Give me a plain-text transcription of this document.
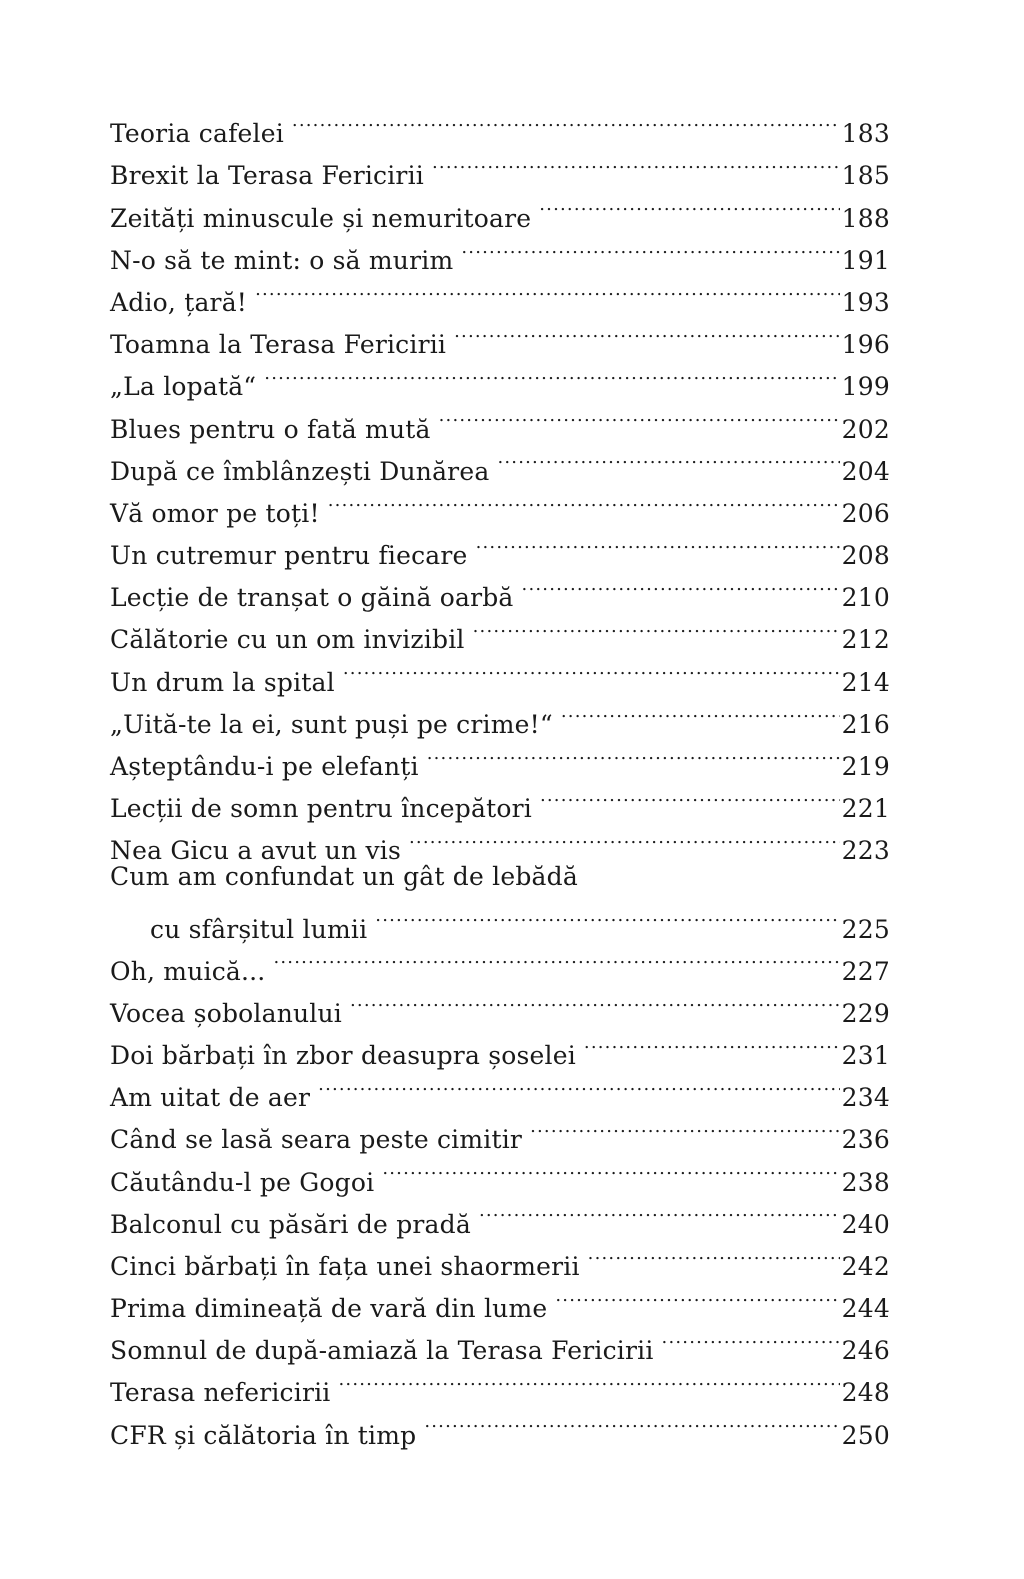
Teoria cafelei .....	183
Brexit la Terasa Fericirii .....	185
Zeități minuscule și nemuritoare .....	188
N-o să te mint: o să murim .....	191
Adio, țară! .....	193
Toamna la Terasa Fericirii .....	196
„La lopată“ .....	199
Blues pentru o fată mută .....	202
După ce îmblânzești Dunărea .....	204
Vă omor pe toți! .....	206
Un cutremur pentru fiecare .....	208
Lecție de tranșat o găină oarbă .....	210
Călătorie cu un om invizibil .....	212
Un drum la spital .....	214
„Uită-te la ei, sunt puși pe crime!“ .....	216
Așteptându-i pe elefanți .....	219
Lecții de somn pentru începători .....	221
Nea Gicu a avut un vis .....	223
Cum am confundat un gât de lebădă
cu sfârșitul lumii .....	225
Oh, muică... .....	227
Vocea șobolanului .....	229
Doi bărbați în zbor deasupra șoselei .....	231
Am uitat de aer .....	234
Când se lasă seara peste cimitir .....	236
Căutându-l pe Gogoi .....	238
Balconul cu păsări de pradă .....	240
Cinci bărbați în fața unei shaormerii .....	242
Prima dimineață de vară din lume .....	244
Somnul de după-amiază la Terasa Fericirii .....	246
Terasa nefericirii .....	248
CFR și călătoria în timp .....	250
